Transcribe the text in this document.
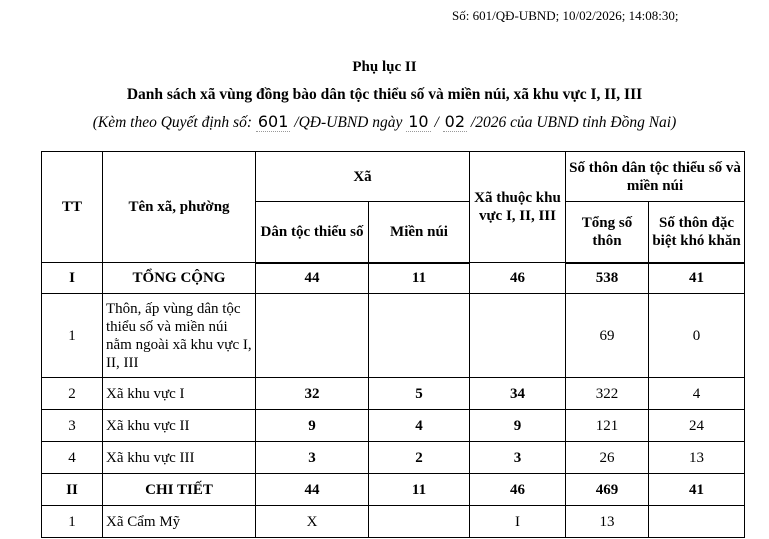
Số: 601/QĐ-UBND; 10/02/2026; 14:08:30;
Phụ lục II
Danh sách xã vùng đồng bào dân tộc thiểu số và miền núi, xã khu vực I, II, III
(Kèm theo Quyết định số: 601 /QĐ-UBND ngày 10 / 02 /2026 của UBND tỉnh Đồng Nai)
TT	Tên xã, phường	Xã		Xã thuộc khu vực I, II, III	Số thôn dân tộc thiểu số và miền núi	
		Dân tộc thiểu số	Miền núi		Tổng số thôn	Số thôn đặc biệt khó khăn
I	TỔNG CỘNG	44	11	46	538	41
1	Thôn, ấp vùng dân tộc thiểu số và miền núi nằm ngoài xã khu vực I, II, III				69	0
2	Xã khu vực I	32	5	34	322	4
3	Xã khu vực II	9	4	9	121	24
4	Xã khu vực III	3	2	3	26	13
II	CHI TIẾT	44	11	46	469	41
1	Xã Cẩm Mỹ	X		I	13	
